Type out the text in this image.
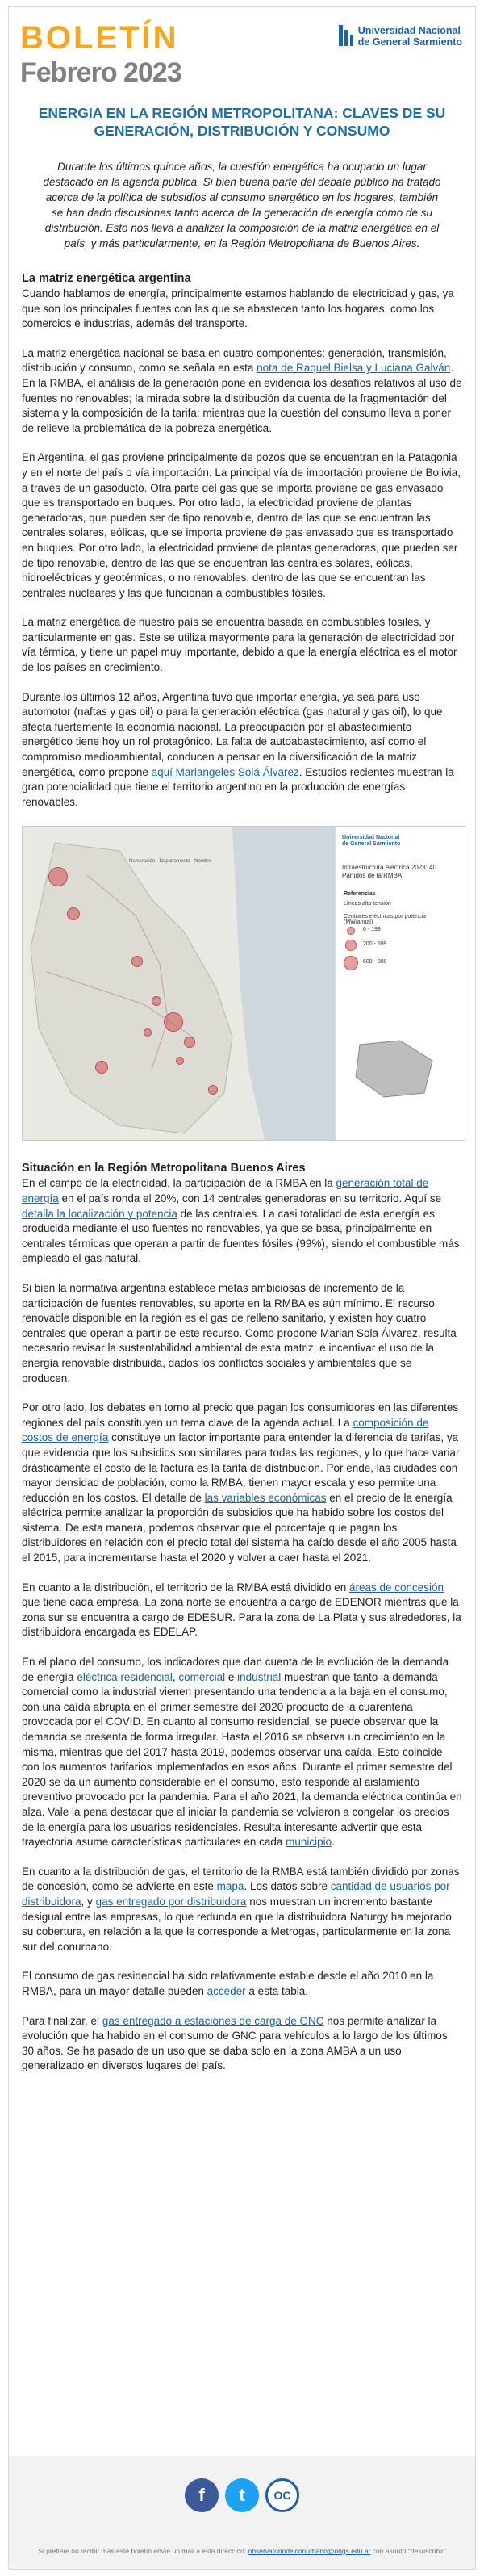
BOLETÍN
Febrero 2023
Universidad Nacional
de General Sarmiento
ENERGIA EN LA REGIÓN METROPOLITANA: CLAVES DE SU GENERACIÓN, DISTRIBUCIÓN Y CONSUMO
Durante los últimos quince años, la cuestión energética ha ocupado un lugar destacado en la agenda pública. Si bien buena parte del debate público ha tratado acerca de la política de subsidios al consumo energético en los hogares, también se han dado discusiones tanto acerca de la generación de energía como de su distribución. Esto nos lleva a analizar la composición de la matriz energética en el país, y más particularmente, en la Región Metropolitana de Buenos Aires.
La matriz energética argentina

Cuando hablamos de energía, principalmente estamos hablando de electricidad y gas, ya que son los principales fuentes con las que se abastecen tanto los hogares, como los comercios e industrias, además del transporte.

La matriz energética nacional se basa en cuatro componentes: generación, transmisión, distribución y consumo, como se señala en esta nota de Raquel Bielsa y Luciana Galván. En la RMBA, el análisis de la generación pone en evidencia los desafíos relativos al uso de fuentes no renovables; la mirada sobre la distribución da cuenta de la fragmentación del sistema y la composición de la tarifa; mientras que la cuestión del consumo lleva a poner de relieve la problemática de la pobreza energética.

En Argentina, el gas proviene principalmente de pozos que se encuentran en la Patagonia y en el norte del país o vía importación. La principal vía de importación proviene de Bolivia, a través de un gasoducto. Otra parte del gas que se importa proviene de gas envasado que es transportado en buques. Por otro lado, la electricidad proviene de plantas generadoras, que pueden ser de tipo renovable, dentro de las que se encuentran las centrales solares, eólicas, que se importa proviene de gas envasado que es transportado en buques. Por otro lado, la electricidad proviene de plantas generadoras, que pueden ser de tipo renovable, dentro de las que se encuentran las centrales solares, eólicas, hidroeléctricas y geotérmicas, o no renovables, dentro de las que se encuentran las centrales nucleares y las que funcionan a combustibles fósiles.

La matriz energética de nuestro país se encuentra basada en combustibles fósiles, y particularmente en gas. Este se utiliza mayormente para la generación de electricidad por vía térmica, y tiene un papel muy importante, debido a que la energía eléctrica es el motor de los países en crecimiento.

Durante los últimos 12 años, Argentina tuvo que importar energía, ya sea para uso automotor (naftas y gas oil) o para la generación eléctrica (gas natural y gas oil), lo que afecta fuertemente la economía nacional. La preocupación por el abastecimiento energético tiene hoy un rol protagónico. La falta de autoabastecimiento, así como el compromiso medioambiental, conducen a pensar en la diversificación de la matriz energética, como propone aquí Mariangeles Solá Álvarez. Estudios recientes muestran la gran potencialidad que tiene el territorio argentino en la producción de energías renovables.

Numeración · Departamento · Nombre
Universidad Nacional
de General Sarmiento
Infraestructura eléctrica 2023: 40 Partidos de la RMBA
Referencias
Líneas alta tensión
Centrales eléctricas por potencia (MW/anual)
0 - 199
200 - 599
600 - 800
Situación en la Región Metropolitana Buenos Aires

En el campo de la electricidad, la participación de la RMBA en la generación total de energía en el país ronda el 20%, con 14 centrales generadoras en su territorio. Aquí se detalla la localización y potencia de las centrales. La casi totalidad de esta energía es producida mediante el uso fuentes no renovables, ya que se basa, principalmente en centrales térmicas que operan a partir de fuentes fósiles (99%), siendo el combustible más empleado el gas natural.

Si bien la normativa argentina establece metas ambiciosas de incremento de la participación de fuentes renovables, su aporte en la RMBA es aún mínimo. El recurso renovable disponible en la región es el gas de relleno sanitario, y existen hoy cuatro centrales que operan a partir de este recurso. Como propone Marian Sola Álvarez, resulta necesario revisar la sustentabilidad ambiental de esta matriz, e incentivar el uso de la energía renovable distribuida, dados los conflictos sociales y ambientales que se producen.

Por otro lado, los debates en torno al precio que pagan los consumidores en las diferentes regiones del país constituyen un tema clave de la agenda actual. La composición de costos de energía constituye un factor importante para entender la diferencia de tarifas, ya que evidencia que los subsidios son similares para todas las regiones, y lo que hace variar drásticamente el costo de la factura es la tarifa de distribución. Por ende, las ciudades con mayor densidad de población, como la RMBA, tienen mayor escala y eso permite una reducción en los costos. El detalle de las variables económicas en el precio de la energía eléctrica permite analizar la proporción de subsidios que ha habido sobre los costos del sistema. De esta manera, podemos observar que el porcentaje que pagan los distribuidores en relación con el precio total del sistema ha caído desde el año 2005 hasta el 2015, para incrementarse hasta el 2020 y volver a caer hasta el 2021.

En cuanto a la distribución, el territorio de la RMBA está dividido en áreas de concesión que tiene cada empresa. La zona norte se encuentra a cargo de EDENOR mientras que la zona sur se encuentra a cargo de EDESUR. Para la zona de La Plata y sus alrededores, la distribuidora encargada es EDELAP.

En el plano del consumo, los indicadores que dan cuenta de la evolución de la demanda de energía eléctrica residencial, comercial e industrial muestran que tanto la demanda comercial como la industrial vienen presentando una tendencia a la baja en el consumo, con una caída abrupta en el primer semestre del 2020 producto de la cuarentena provocada por el COVID. En cuanto al consumo residencial, se puede observar que la demanda se presenta de forma irregular. Hasta el 2016 se observa un crecimiento en la misma, mientras que del 2017 hasta 2019, podemos observar una caída. Esto coincide con los aumentos tarifarios implementados en esos años. Durante el primer semestre del 2020 se da un aumento considerable en el consumo, esto responde al aislamiento preventivo provocado por la pandemia. Para el año 2021, la demanda eléctrica continúa en alza. Vale la pena destacar que al iniciar la pandemia se volvieron a congelar los precios de la energía para los usuarios residenciales. Resulta interesante advertir que esta trayectoria asume características particulares en cada municipio.

En cuanto a la distribución de gas, el territorio de la RMBA está también dividido por zonas de concesión, como se advierte en este mapa. Los datos sobre cantidad de usuarios por distribuidora, y gas entregado por distribuidora nos muestran un incremento bastante desigual entre las empresas, lo que redunda en que la distribuidora Naturgy ha mejorado su cobertura, en relación a la que le corresponde a Metrogas, particularmente en la zona sur del conurbano.

El consumo de gas residencial ha sido relativamente estable desde el año 2010 en la RMBA, para un mayor detalle pueden acceder a esta tabla.

Para finalizar, el gas entregado a estaciones de carga de GNC nos permite analizar la evolución que ha habido en el consumo de GNC para vehículos a lo largo de los últimos 30 años. Se ha pasado de un uso que se daba solo en la zona AMBA a un uso generalizado en diversos lugares del país.

f	t	OC
Si prefiere no recibir más este boletín envíe un mail a esta dirección: observatoriodelconurbano@ungs.edu.ar con asunto "desuscribir"
